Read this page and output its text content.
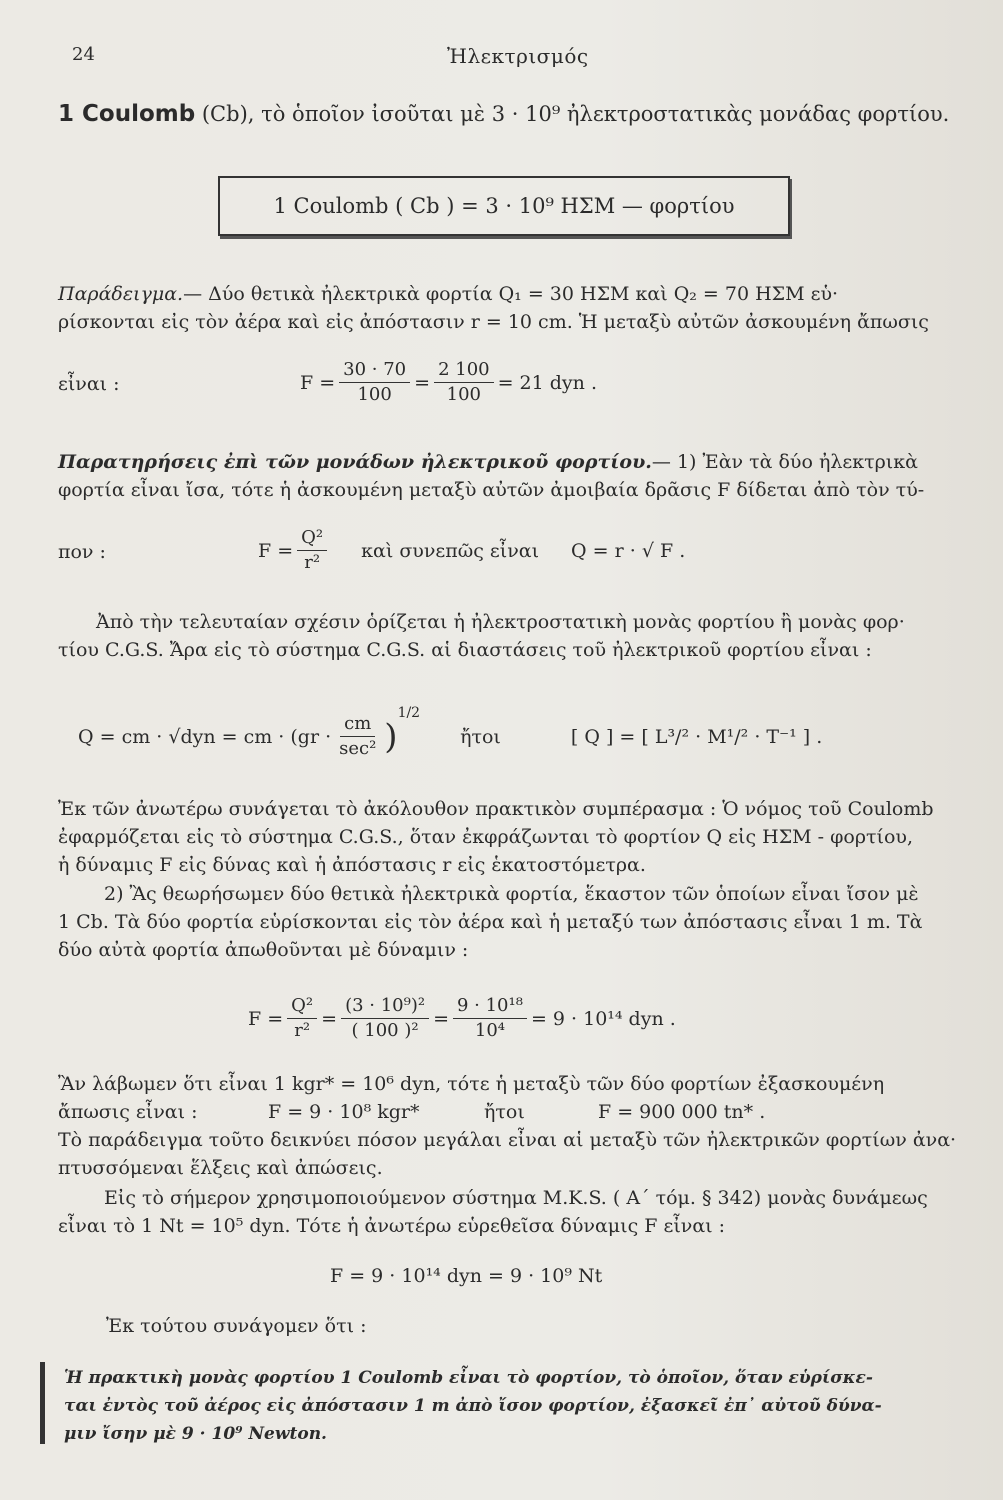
24	Ἠλεκτρισμός
1 Coulomb (Cb), τὸ ὁποῖον ἰσοῦται μὲ 3 · 10⁹ ἠλεκτροστατικὰς μονάδας φορτίου.
1 Coulomb ( Cb ) = 3 · 10⁹ ΗΣΜ — φορτίου
Παράδειγμα.— Δύο θετικὰ ἠλεκτρικὰ φορτία Q₁ = 30 ΗΣΜ καὶ Q₂ = 70 ΗΣΜ εὑ·
ρίσκονται εἰς τὸν ἀέρα καὶ εἰς ἀπόστασιν r = 10 cm. Ἡ μεταξὺ αὐτῶν ἀσκουμένη ἄπωσις
εἶναι :	$F = \frac{30 \cdot 70}{100} = \frac{2 100}{100} = 21$ dyn .
Παρατηρήσεις ἐπὶ τῶν μονάδων ἠλεκτρικοῦ φορτίου.— 1) Ἐὰν τὰ δύο ἠλεκτρικὰ
φορτία εἶναι ἴσα, τότε ἡ ἀσκουμένη μεταξὺ αὐτῶν ἀμοιβαία δρᾶσις F δίδεται ἀπὸ τὸν τύ-
πον :	$F = \frac{\text{Q²}}{\text{r²}}$ καὶ συνεπῶς εἶναι Q = r · √ F .
Ἀπὸ τὴν τελευταίαν σχέσιν ὁρίζεται ἡ ἠλεκτροστατικὴ μονὰς φορτίου ἢ μονὰς φορ·
τίου C.G.S. Ἄρα εἰς τὸ σύστημα C.G.S. αἱ διαστάσεις τοῦ ἠλεκτρικοῦ φορτίου εἶναι :
Q = cm · √dyn = cm · ($gr \cdot \frac{cm}{\text{sec²}}$ )
1/2
ἤτοι	[ Q ] = [ L³/² · M¹/² · T⁻¹ ] .
Ἐκ τῶν ἀνωτέρω συνάγεται τὸ ἀκόλουθον πρακτικὸν συμπέρασμα : Ὁ νόμος τοῦ Coulomb
ἐφαρμόζεται εἰς τὸ σύστημα C.G.S., ὅταν ἐκφράζωνται τὸ φορτίον Q εἰς ΗΣΜ - φορτίου,
ἡ δύναμις F εἰς δύνας καὶ ἡ ἀπόστασις r εἰς ἑκατοστόμετρα.
2) Ἂς θεωρήσωμεν δύο θετικὰ ἠλεκτρικὰ φορτία, ἕκαστον τῶν ὁποίων εἶναι ἴσον μὲ
1 Cb. Τὰ δύο φορτία εὑρίσκονται εἰς τὸν ἀέρα καὶ ἡ μεταξύ των ἀπόστασις εἶναι 1 m. Τὰ
δύο αὐτὰ φορτία ἀπωθοῦνται μὲ δύναμιν :
$F = \frac{\text{Q²}}{\text{r²}} = \frac{\text{(3 · 10⁹)²}}{\text{( 100 )²}} = \frac{\text{9 · 10¹⁸}}{\text{10⁴}} = 9 \cdot 10^{14}$ dyn .
Ἂν λάβωμεν ὅτι εἶναι 1 kgr* = 10⁶ dyn, τότε ἡ μεταξὺ τῶν δύο φορτίων ἐξασκουμένη
ἄπωσις εἶναι :	F = 9 · 10⁸ kgr*	ἤτοι	F = 900 000 tn* .
Τὸ παράδειγμα τοῦτο δεικνύει πόσον μεγάλαι εἶναι αἱ μεταξὺ τῶν ἠλεκτρικῶν φορτίων ἀνα·
πτυσσόμεναι ἕλξεις καὶ ἀπώσεις.
Εἰς τὸ σήμερον χρησιμοποιούμενον σύστημα M.K.S. ( Α΄ τόμ. § 342) μονὰς δυνάμεως
εἶναι τὸ 1 Nt = 10⁵ dyn. Τότε ἡ ἀνωτέρω εὑρεθεῖσα δύναμις F εἶναι :
F = 9 · 10¹⁴ dyn = 9 · 10⁹ Nt
Ἐκ τούτου συνάγομεν ὅτι :
Ἡ πρακτικὴ μονὰς φορτίου 1 Coulomb εἶναι τὸ φορτίον, τὸ ὁποῖον, ὅταν εὑρίσκε-
ται ἐντὸς τοῦ ἀέρος εἰς ἀπόστασιν 1 m ἀπὸ ἴσον φορτίον, ἐξασκεῖ ἐπ᾽ αὐτοῦ δύνα-
μιν ἴσην μὲ 9 · 10⁹ Newton.
